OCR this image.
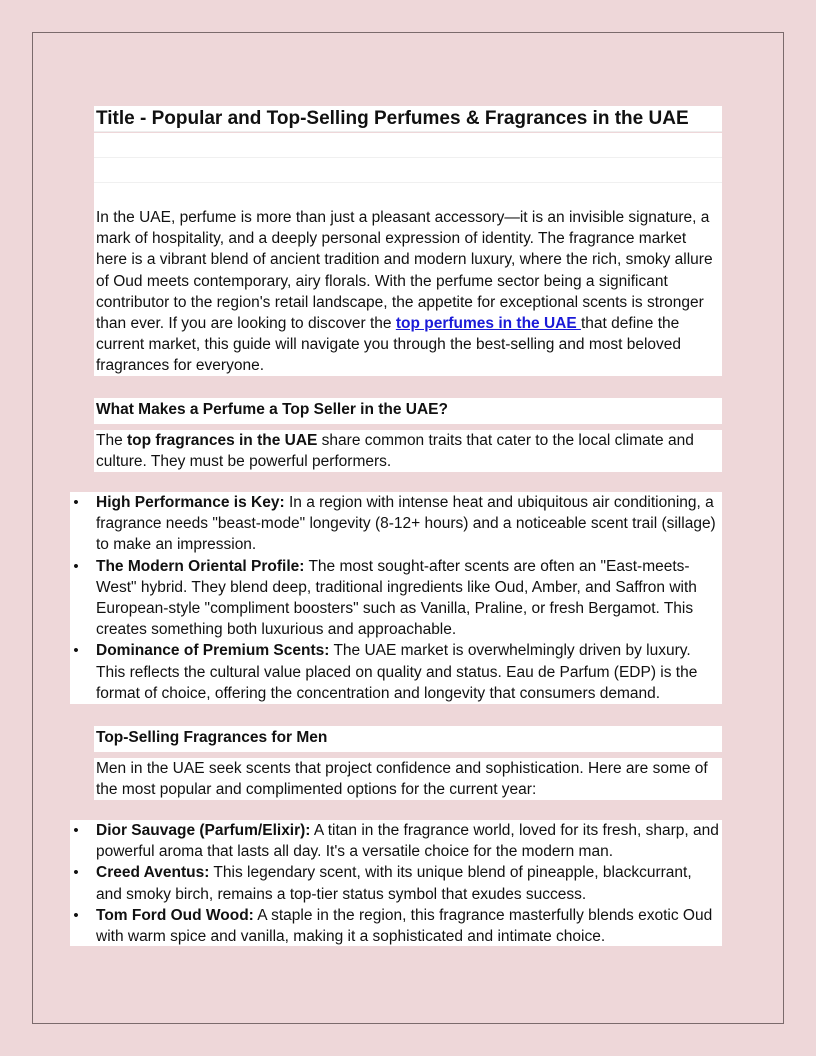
Title - Popular and Top-Selling Perfumes & Fragrances in the UAE
In the UAE, perfume is more than just a pleasant accessory—it is an invisible signature, a mark of hospitality, and a deeply personal expression of identity. The fragrance market here is a vibrant blend of ancient tradition and modern luxury, where the rich, smoky allure of Oud meets contemporary, airy florals. With the perfume sector being a significant contributor to the region's retail landscape, the appetite for exceptional scents is stronger than ever. If you are looking to discover the top perfumes in the UAE that define the current market, this guide will navigate you through the best-selling and most beloved fragrances for everyone.
What Makes a Perfume a Top Seller in the UAE?
The top fragrances in the UAE share common traits that cater to the local climate and culture. They must be powerful performers.
• High Performance is Key: In a region with intense heat and ubiquitous air conditioning, a fragrance needs "beast-mode" longevity (8-12+ hours) and a noticeable scent trail (sillage) to make an impression.
• The Modern Oriental Profile: The most sought-after scents are often an "East-meets-West" hybrid. They blend deep, traditional ingredients like Oud, Amber, and Saffron with European-style "compliment boosters" such as Vanilla, Praline, or fresh Bergamot. This creates something both luxurious and approachable.
• Dominance of Premium Scents: The UAE market is overwhelmingly driven by luxury. This reflects the cultural value placed on quality and status. Eau de Parfum (EDP) is the format of choice, offering the concentration and longevity that consumers demand.
Top-Selling Fragrances for Men
Men in the UAE seek scents that project confidence and sophistication. Here are some of the most popular and complimented options for the current year:
• Dior Sauvage (Parfum/Elixir): A titan in the fragrance world, loved for its fresh, sharp, and powerful aroma that lasts all day. It's a versatile choice for the modern man.
• Creed Aventus: This legendary scent, with its unique blend of pineapple, blackcurrant, and smoky birch, remains a top-tier status symbol that exudes success.
• Tom Ford Oud Wood: A staple in the region, this fragrance masterfully blends exotic Oud with warm spice and vanilla, making it a sophisticated and intimate choice.
